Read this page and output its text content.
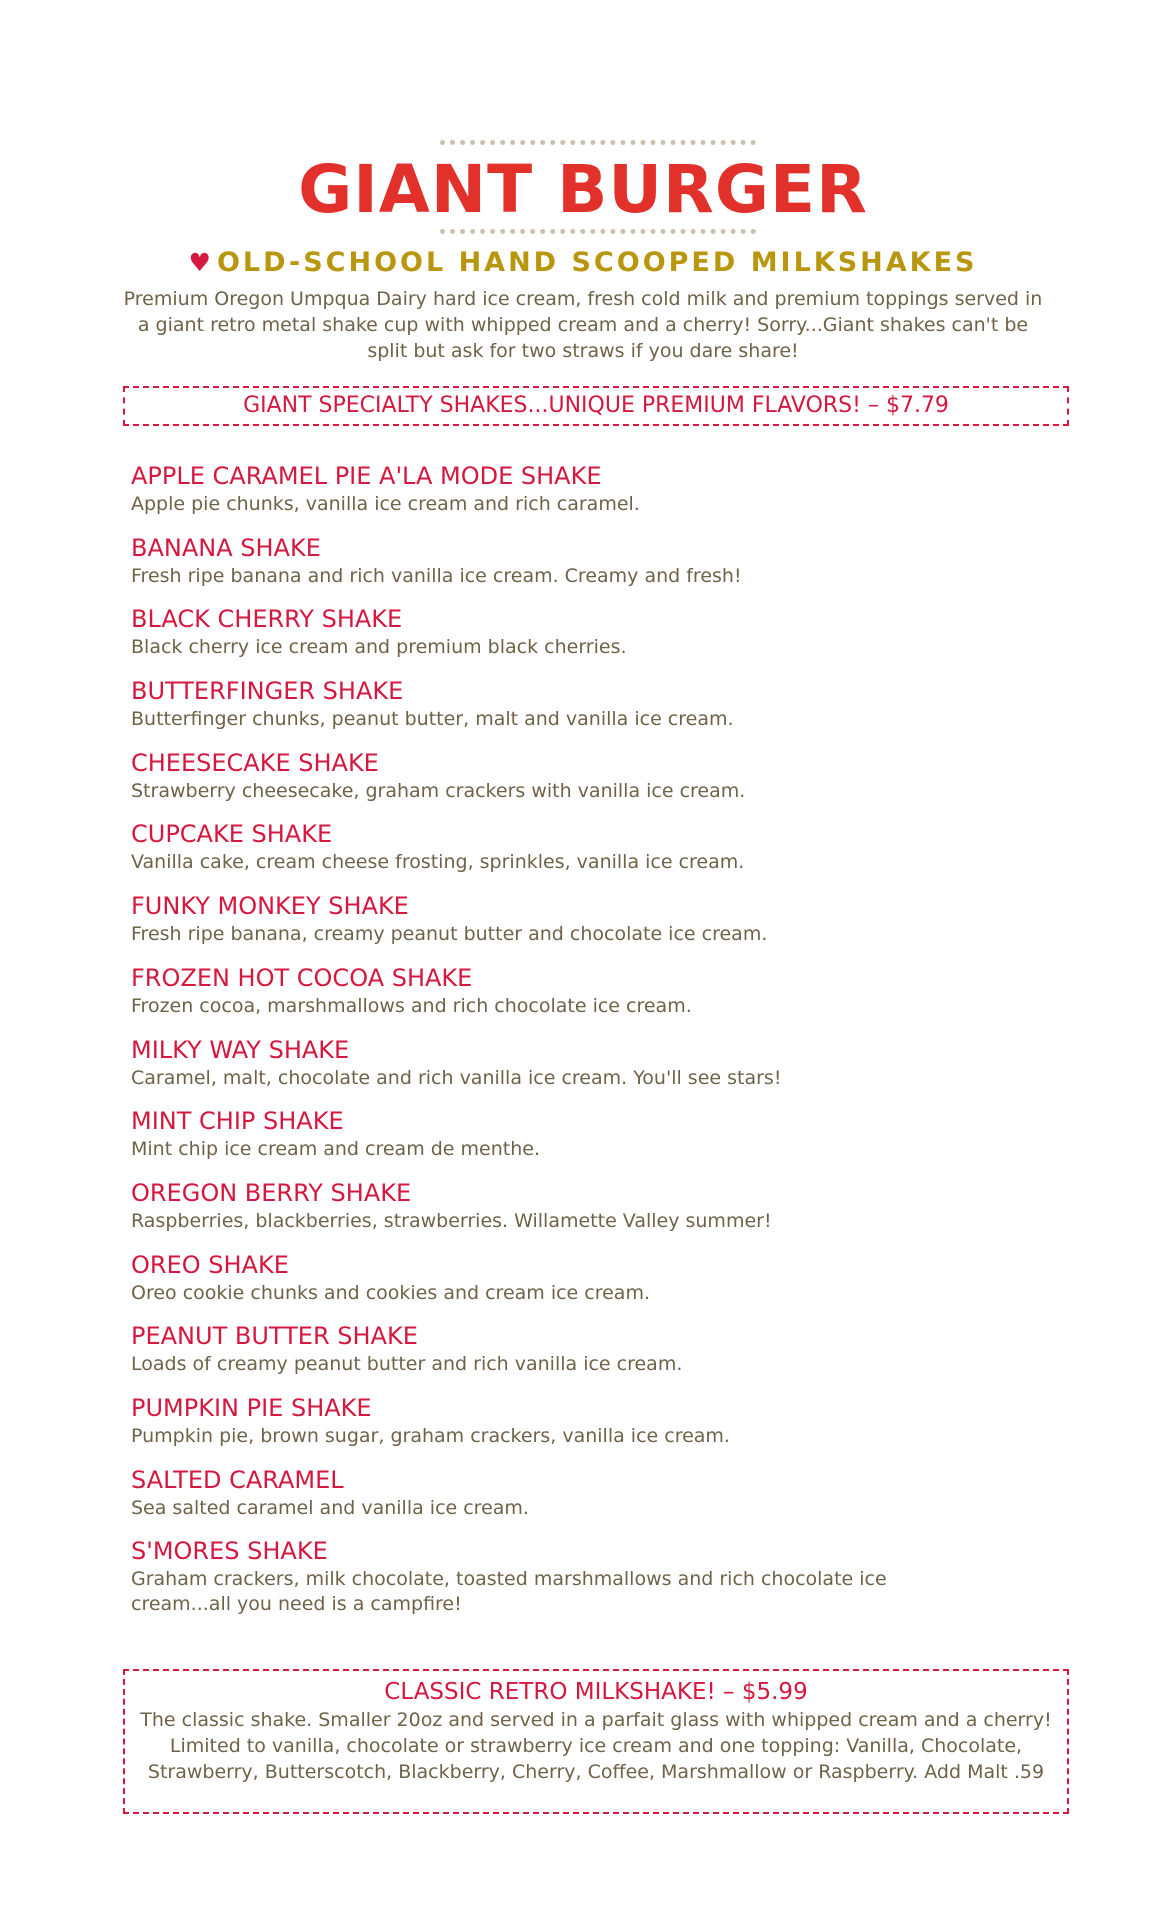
GIANT BURGER
♥ OLD-SCHOOL HAND SCOOPED MILKSHAKES
Premium Oregon Umpqua Dairy hard ice cream, fresh cold milk and premium toppings served in a giant retro metal shake cup with whipped cream and a cherry! Sorry...Giant shakes can't be split but ask for two straws if you dare share!
GIANT SPECIALTY SHAKES...UNIQUE PREMIUM FLAVORS! – $7.79
APPLE CARAMEL PIE A'LA MODE SHAKE
Apple pie chunks, vanilla ice cream and rich caramel.
BANANA SHAKE
Fresh ripe banana and rich vanilla ice cream. Creamy and fresh!
BLACK CHERRY SHAKE
Black cherry ice cream and premium black cherries.
BUTTERFINGER SHAKE
Butterfinger chunks, peanut butter, malt and vanilla ice cream.
CHEESECAKE SHAKE
Strawberry cheesecake, graham crackers with vanilla ice cream.
CUPCAKE SHAKE
Vanilla cake, cream cheese frosting, sprinkles, vanilla ice cream.
FUNKY MONKEY SHAKE
Fresh ripe banana, creamy peanut butter and chocolate ice cream.
FROZEN HOT COCOA SHAKE
Frozen cocoa, marshmallows and rich chocolate ice cream.
MILKY WAY SHAKE
Caramel, malt, chocolate and rich vanilla ice cream. You'll see stars!
MINT CHIP SHAKE
Mint chip ice cream and cream de menthe.
OREGON BERRY SHAKE
Raspberries, blackberries, strawberries. Willamette Valley summer!
OREO SHAKE
Oreo cookie chunks and cookies and cream ice cream.
PEANUT BUTTER SHAKE
Loads of creamy peanut butter and rich vanilla ice cream.
PUMPKIN PIE SHAKE
Pumpkin pie, brown sugar, graham crackers, vanilla ice cream.
SALTED CARAMEL
Sea salted caramel and vanilla ice cream.
S'MORES SHAKE
Graham crackers, milk chocolate, toasted marshmallows and rich chocolate ice cream...all you need is a campfire!
CLASSIC RETRO MILKSHAKE! – $5.99
The classic shake. Smaller 20oz and served in a parfait glass with whipped cream and a cherry! Limited to vanilla, chocolate or strawberry ice cream and one topping: Vanilla, Chocolate, Strawberry, Butterscotch, Blackberry, Cherry, Coffee, Marshmallow or Raspberry. Add Malt .59
